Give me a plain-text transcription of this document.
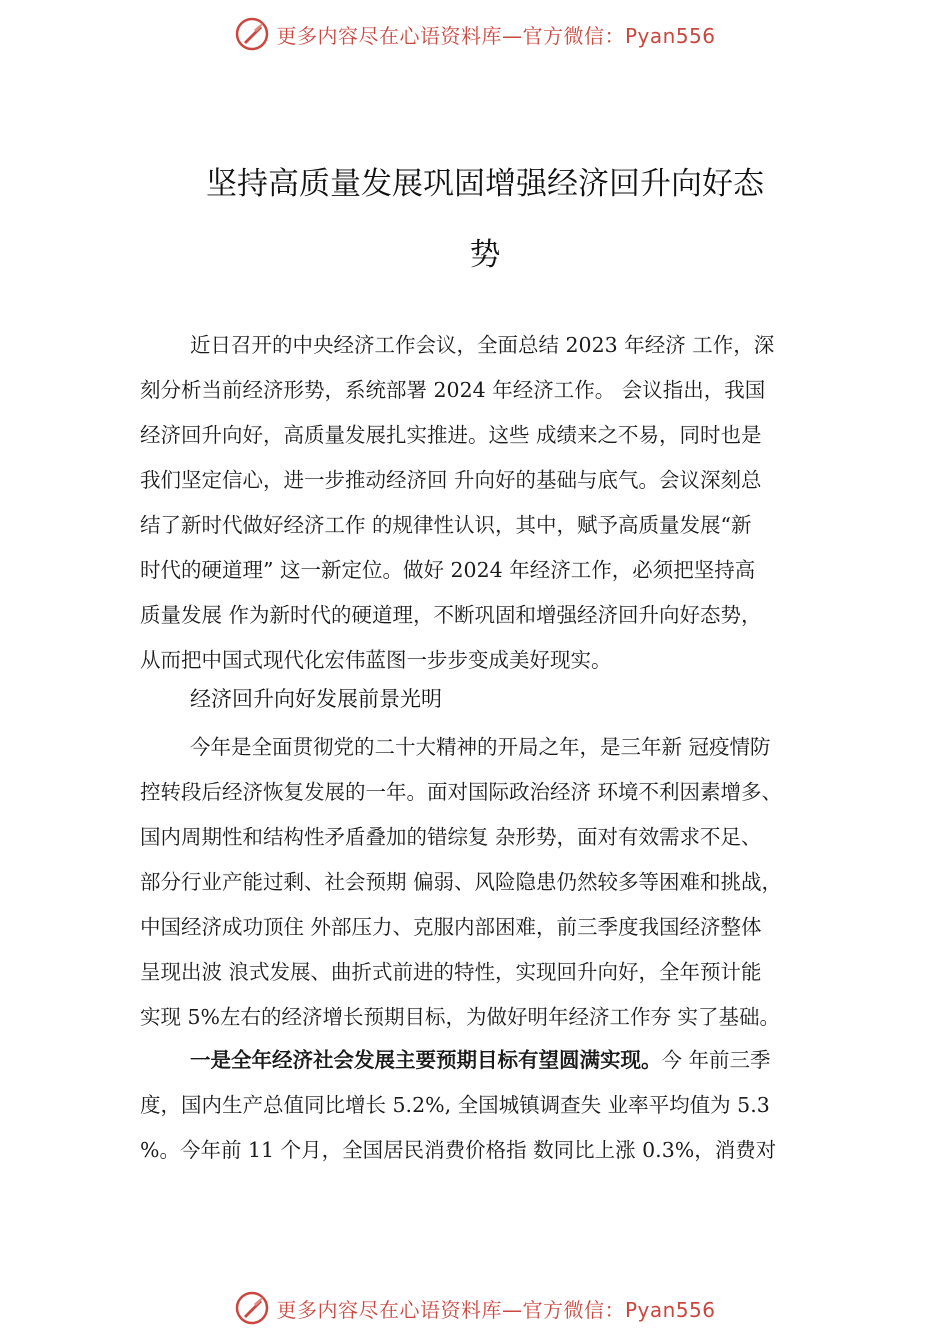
更多内容尽在心语资料库—官方微信：Pyan556
坚持高质量发展巩固增强经济回升向好态
势
近日召开的中央经济工作会议，全面总结 2023 年经济 工作，深
刻分析当前经济形势，系统部署 2024 年经济工作。 会议指出，我国
经济回升向好，高质量发展扎实推进。这些 成绩来之不易，同时也是
我们坚定信心，进一步推动经济回 升向好的基础与底气。会议深刻总
结了新时代做好经济工作 的规律性认识，其中，赋予高质量发展“新
时代的硬道理” 这一新定位。做好 2024 年经济工作，必须把坚持高
质量发展 作为新时代的硬道理，不断巩固和增强经济回升向好态势，
从而把中国式现代化宏伟蓝图一步步变成美好现实。
经济回升向好发展前景光明
今年是全面贯彻党的二十大精神的开局之年，是三年新 冠疫情防
控转段后经济恢复发展的一年。面对国际政治经济 环境不利因素增多、
国内周期性和结构性矛盾叠加的错综复 杂形势，面对有效需求不足、
部分行业产能过剩、社会预期 偏弱、风险隐患仍然较多等困难和挑战，
中国经济成功顶住 外部压力、克服内部困难，前三季度我国经济整体
呈现出波 浪式发展、曲折式前进的特性，实现回升向好，全年预计能
实现 5%左右的经济增长预期目标，为做好明年经济工作夯 实了基础。
一是全年经济社会发展主要预期目标有望圆满实现。今 年前三季
度，国内生产总值同比增长 5.2%, 全国城镇调查失 业率平均值为 5.3
%。今年前 11 个月，全国居民消费价格指 数同比上涨 0.3%，消费对
更多内容尽在心语资料库—官方微信：Pyan556
